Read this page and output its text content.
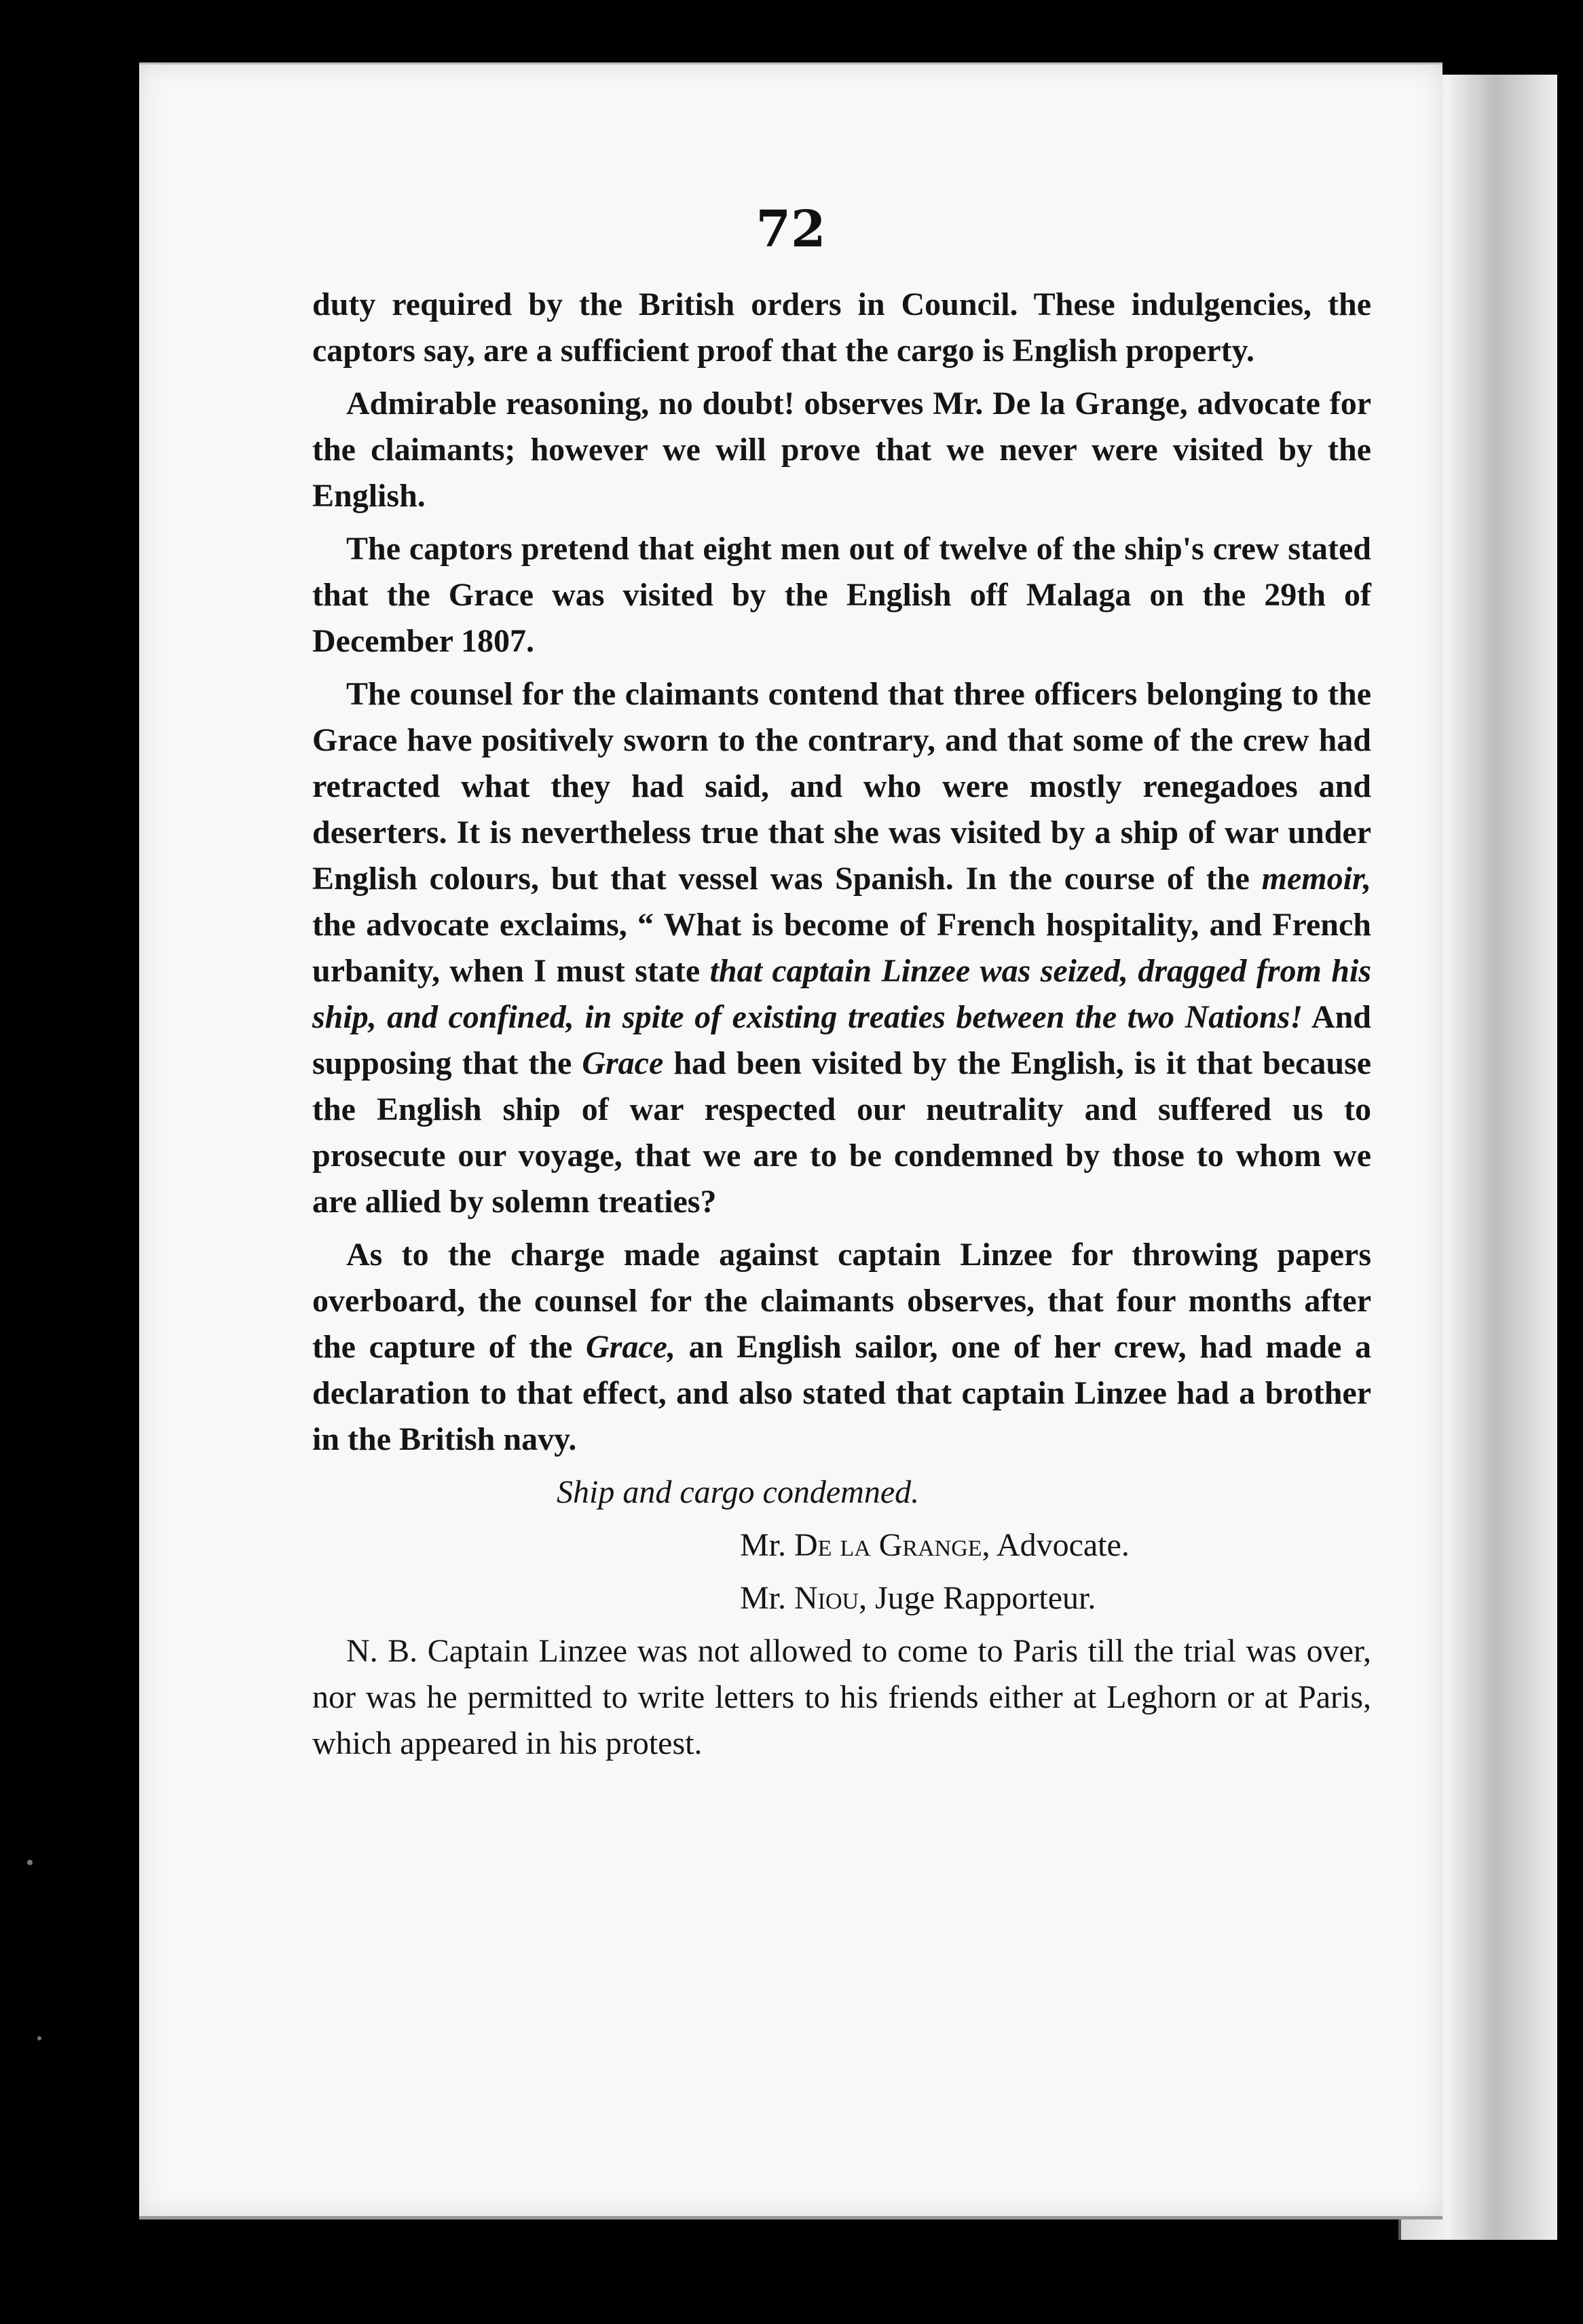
72

duty required by the British orders in Council. These indulgencies, the captors say, are a sufficient proof that the cargo is English property.

Admirable reasoning, no doubt! observes Mr. De la Grange, advocate for the claimants; however we will prove that we never were visited by the English.

The captors pretend that eight men out of twelve of the ship's crew stated that the Grace was visited by the English off Malaga on the 29th of December 1807.

The counsel for the claimants contend that three officers belonging to the Grace have positively sworn to the contrary, and that some of the crew had retracted what they had said, and who were mostly renegadoes and deserters. It is nevertheless true that she was visited by a ship of war under English colours, but that vessel was Spanish. In the course of the memoir, the advocate exclaims, “ What is become of French hospitality, and French urbanity, when I must state that captain Linzee was seized, dragged from his ship, and confined, in spite of existing treaties between the two Nations! And supposing that the Grace had been visited by the English, is it that because the English ship of war respected our neutrality and suffered us to prosecute our voyage, that we are to be condemned by those to whom we are allied by solemn treaties?

As to the charge made against captain Linzee for throwing papers overboard, the counsel for the claimants observes, that four months after the capture of the Grace, an English sailor, one of her crew, had made a declaration to that effect, and also stated that captain Linzee had a brother in the British navy.

Ship and cargo condemned.

Mr. De la Grange, Advocate.

Mr. Niou, Juge Rapporteur.

N. B. Captain Linzee was not allowed to come to Paris till the trial was over, nor was he permitted to write letters to his friends either at Leghorn or at Paris, which appeared in his protest.
